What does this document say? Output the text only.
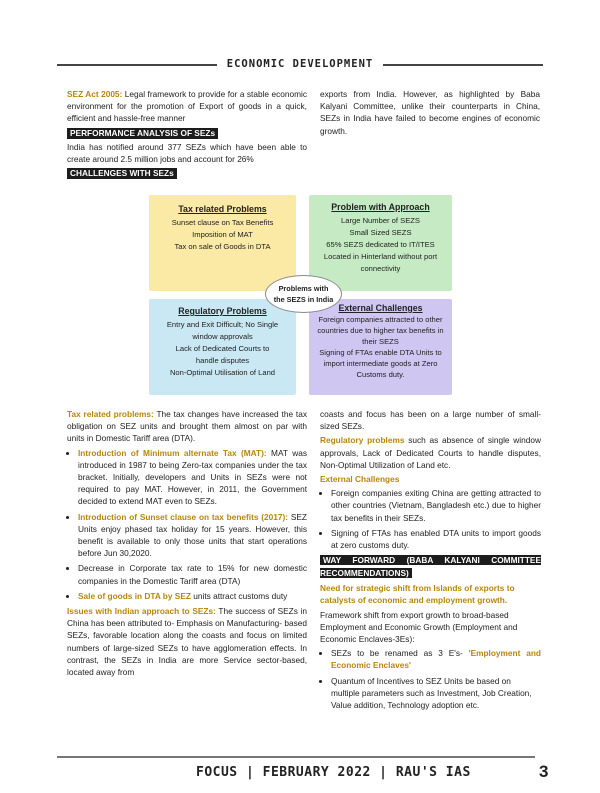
ECONOMIC DEVELOPMENT

SEZ Act 2005: Legal framework to provide for a stable economic environment for the promotion of Export of goods in a quick, efficient and hassle-free manner

PERFORMANCE ANALYSIS OF SEZs

India has notified around 377 SEZs which have been able to create around 2.5 million jobs and account for 26%

CHALLENGES WITH SEZs

exports from India. However, as highlighted by Baba Kalyani Committee, unlike their counterparts in China, SEZs in India have failed to become engines of economic growth.

Tax related Problems
Sunset clause on Tax Benefits
Imposition of MAT
Tax on sale of Goods in DTA
Problem with Approach
Large Number of SEZS
Small Sized SEZS
65% SEZS dedicated to IT/ITES
Located in Hinterland without port connectivity
Regulatory Problems
Entry and Exit Difficult; No Single window approvals
Lack of Dedicated Courts to handle disputes
Non-Optimal Utilisation of Land
External Challenges
Foreign companies attracted to other countries due to higher tax benefits in their SEZS
Signing of FTAs enable DTA Units to import intermediate goods at Zero Customs duty.
Problems with the SEZS in India

Tax related problems: The tax changes have increased the tax obligation on SEZ units and brought them almost on par with units in Domestic Tariff area (DTA).

• Introduction of Minimum alternate Tax (MAT): MAT was introduced in 1987 to being Zero-tax companies under the tax bracket. Initially, developers and Units in SEZs were not required to pay MAT. However, in 2011, the Government decided to extend MAT even to SEZs.
• Introduction of Sunset clause on tax benefits (2017): SEZ Units enjoy phased tax holiday for 15 years. However, this benefit is available to only those units that start operations before Jun 30,2020.
• Decrease in Corporate tax rate to 15% for new domestic companies in the Domestic Tariff area (DTA)
• Sale of goods in DTA by SEZ units attract customs duty

Issues with Indian approach to SEZs: The success of SEZs in China has been attributed to- Emphasis on Manufacturing- based SEZs, favorable location along the coasts and focus on limited numbers of large-sized SEZs to have agglomeration effects. In contrast, the SEZs in India are more Service sector-based, located away from

coasts and focus has been on a large number of small-sized SEZs.

Regulatory problems such as absence of single window approvals, Lack of Dedicated Courts to handle disputes, Non-Optimal Utilization of Land etc.

External Challenges

• Foreign companies exiting China are getting attracted to other countries (Vietnam, Bangladesh etc.) due to higher tax benefits in their SEZs.
• Signing of FTAs has enabled DTA units to import goods at zero customs duty.
WAY FORWARD (BABA KALYANI COMMITTEE RECOMMENDATIONS)

Need for strategic shift from Islands of exports to catalysts of economic and employment growth.

Framework shift from export growth to broad-based Employment and Economic Growth (Employment and Economic Enclaves-3Es):

• SEZs to be renamed as 3 E's- 'Employment and Economic Enclaves'
• Quantum of Incentives to SEZ Units be based on multiple parameters such as Investment, Job Creation, Value addition, Technology adoption etc.
FOCUS | FEBRUARY 2022 | RAU'S IAS	3
